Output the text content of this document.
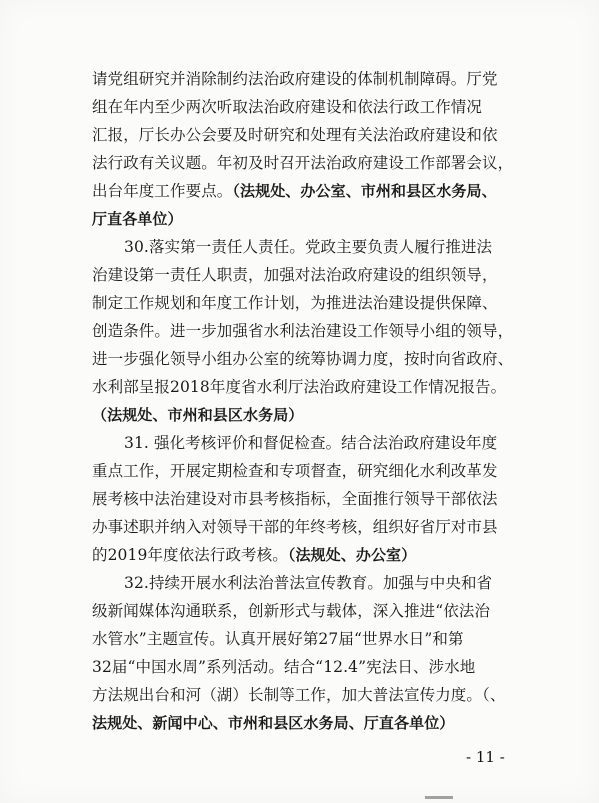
请党组研究并消除制约法治政府建设的体制机制障碍。厅党
组在年内至少两次听取法治政府建设和依法行政工作情况
汇报，厅长办公会要及时研究和处理有关法治政府建设和依
法行政有关议题。年初及时召开法治政府建设工作部署会议，
出台年度工作要点。（法规处、办公室、市州和县区水务局、
厅直各单位）
30.落实第一责任人责任。党政主要负责人履行推进法
治建设第一责任人职责，加强对法治政府建设的组织领导，
制定工作规划和年度工作计划，为推进法治建设提供保障、
创造条件。进一步加强省水利法治建设工作领导小组的领导，
进一步强化领导小组办公室的统筹协调力度，按时向省政府、
水利部呈报2018年度省水利厅法治政府建设工作情况报告。
（法规处、市州和县区水务局）
31. 强化考核评价和督促检查。结合法治政府建设年度
重点工作，开展定期检查和专项督查，研究细化水利改革发
展考核中法治建设对市县考核指标，全面推行领导干部依法
办事述职并纳入对领导干部的年终考核，组织好省厅对市县
的2019年度依法行政考核。（法规处、办公室）
32.持续开展水利法治普法宣传教育。加强与中央和省
级新闻媒体沟通联系，创新形式与载体，深入推进“依法治
水管水”主题宣传。认真开展好第27届“世界水日”和第
32届“中国水周”系列活动。结合“12.4”宪法日、涉水地
方法规出台和河（湖）长制等工作，加大普法宣传力度。（、
法规处、新闻中心、市州和县区水务局、厅直各单位）
- 11 -
